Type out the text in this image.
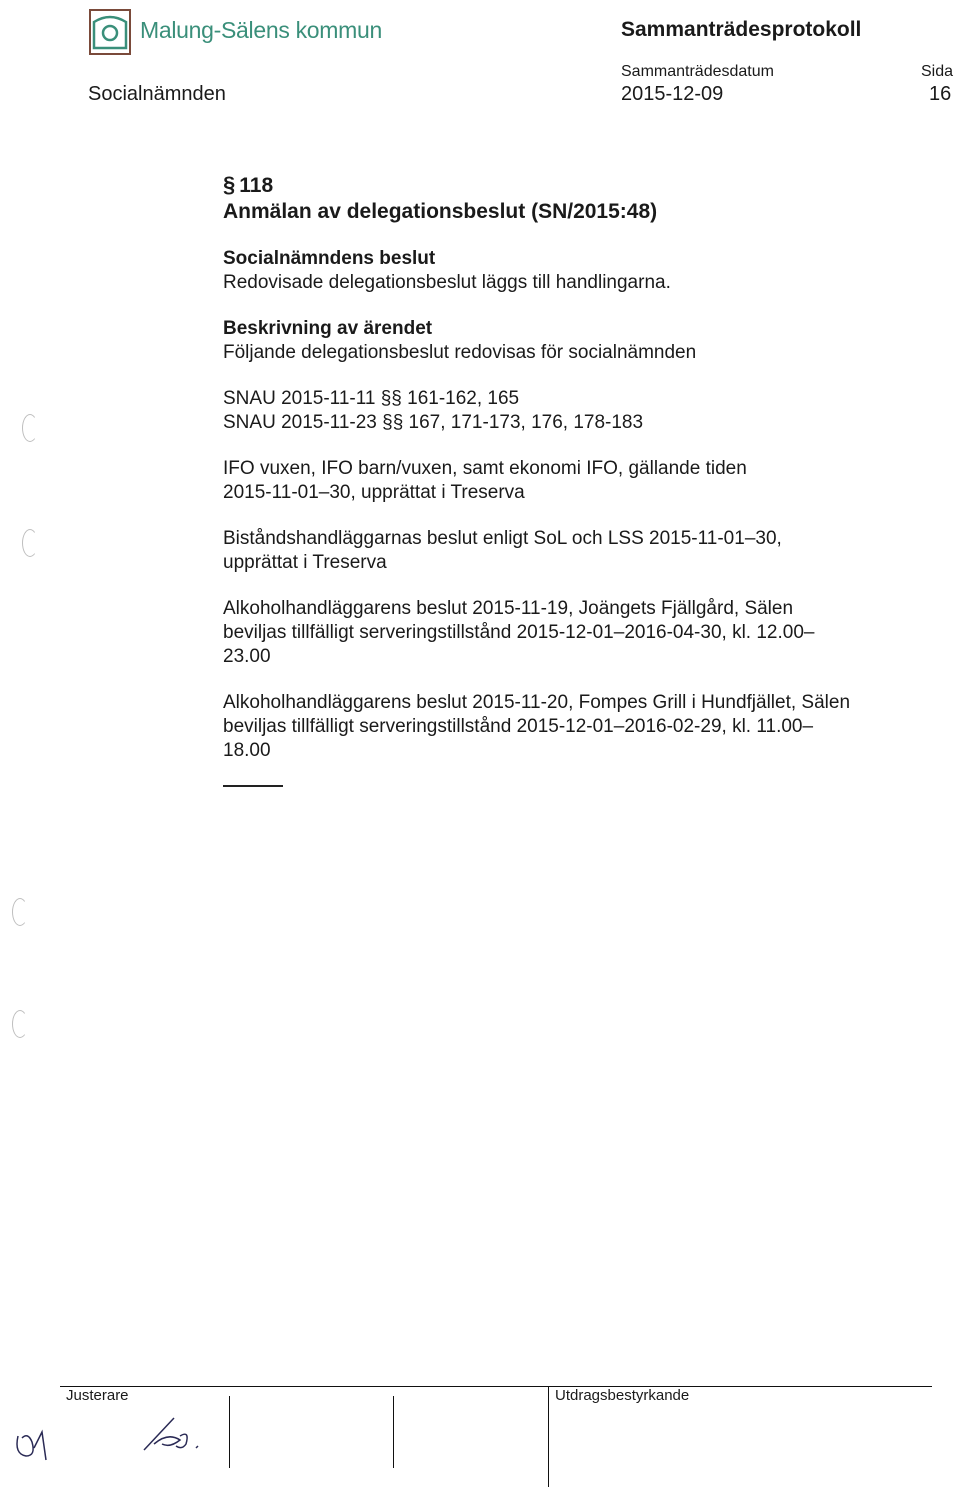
Malung-Sälens kommun	Sammanträdesprotokoll
Sammanträdesdatum	Sida
Socialnämnden	2015-12-09	16
§ 118
Anmälan av delegationsbeslut (SN/2015:48)
Socialnämndens beslut
Redovisade delegationsbeslut läggs till handlingarna.
Beskrivning av ärendet
Följande delegationsbeslut redovisas för socialnämnden
SNAU 2015-11-11 §§ 161-162, 165
SNAU 2015-11-23 §§ 167, 171-173, 176, 178-183
IFO vuxen, IFO barn/vuxen, samt ekonomi IFO, gällande tiden
2015-11-01–30, upprättat i Treserva
Biståndshandläggarnas beslut enligt SoL och LSS 2015-11-01–30,
upprättat i Treserva
Alkoholhandläggarens beslut 2015-11-19, Joängets Fjällgård, Sälen
beviljas tillfälligt serveringstillstånd 2015-12-01–2016-04-30, kl. 12.00–
23.00
Alkoholhandläggarens beslut 2015-11-20, Fompes Grill i Hundfjället, Sälen
beviljas tillfälligt serveringstillstånd 2015-12-01–2016-02-29, kl. 11.00–
18.00
Justerare	Utdragsbestyrkande
